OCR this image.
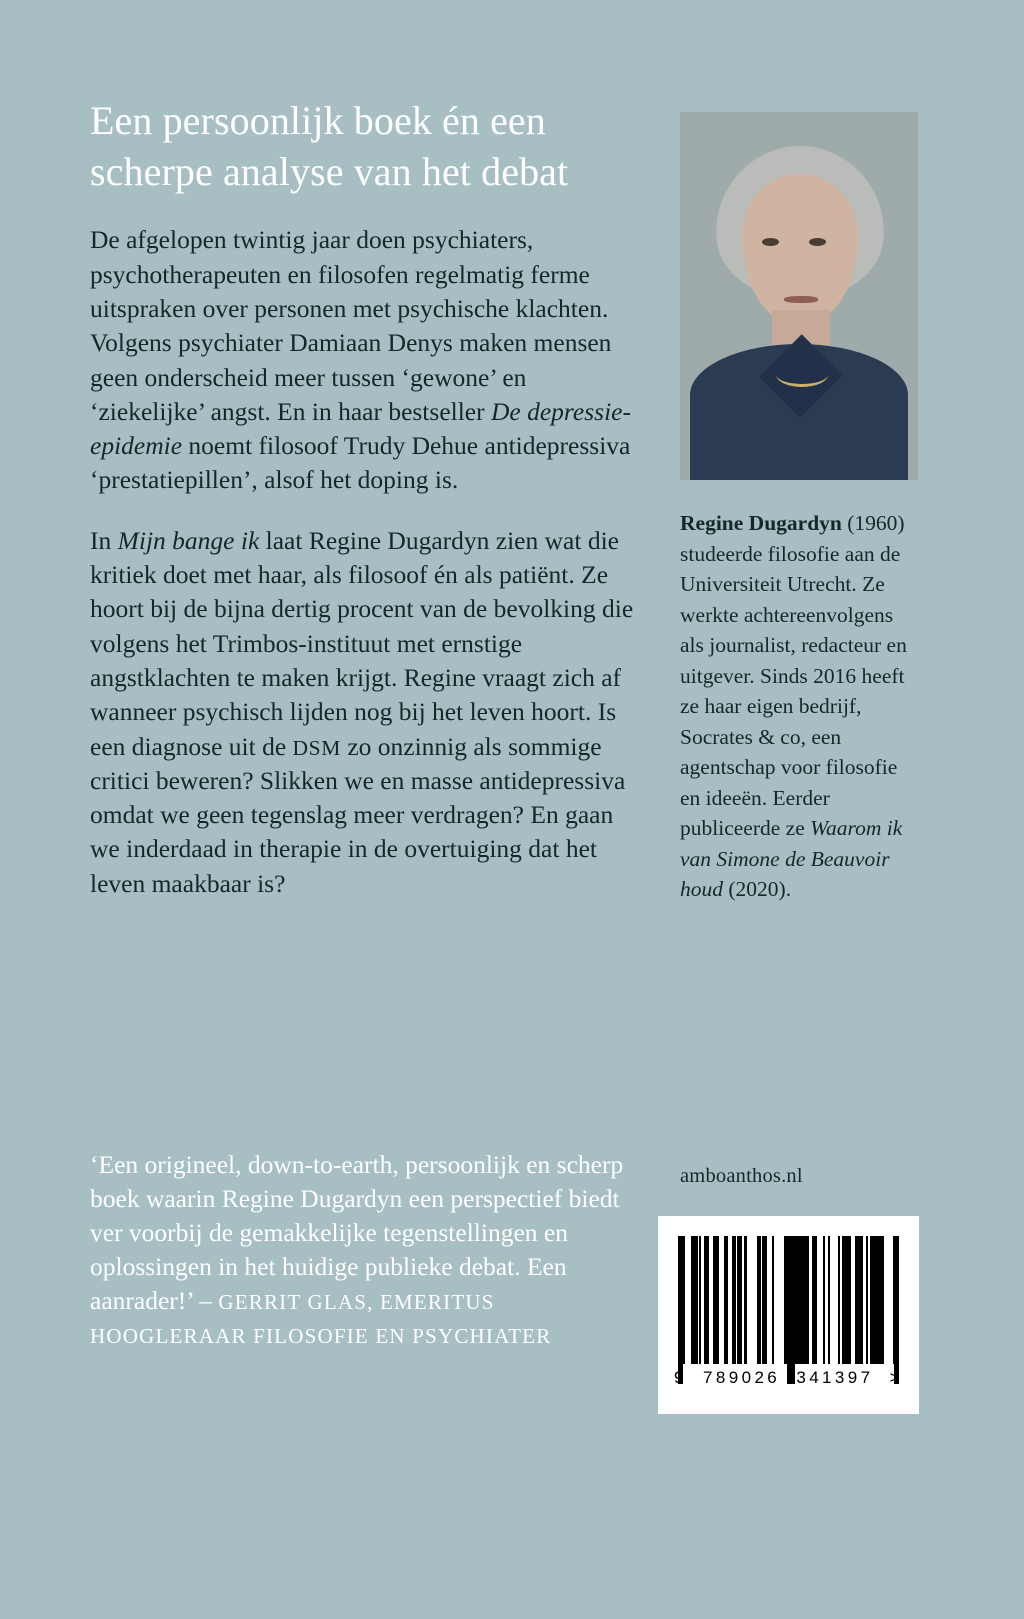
Een persoonlijk boek én een scherpe analyse van het debat

De afgelopen twintig jaar doen psychiaters, psychotherapeuten en filosofen regelmatig ferme uitspraken over personen met psychische klachten. Volgens psychiater Damiaan Denys maken mensen geen onderscheid meer tussen ‘gewone’ en ‘ziekelijke’ angst. En in haar bestseller De depressie-epidemie noemt filosoof Trudy Dehue antidepressiva ‘prestatiepillen’, alsof het doping is.

In Mijn bange ik laat Regine Dugardyn zien wat die kritiek doet met haar, als filosoof én als patiënt. Ze hoort bij de bijna dertig procent van de bevolking die volgens het Trimbos-instituut met ernstige angstklachten te maken krijgt. Regine vraagt zich af wanneer psychisch lijden nog bij het leven hoort. Is een diagnose uit de DSM zo onzinnig als sommige critici beweren? Slikken we en masse antidepressiva omdat we geen tegenslag meer verdragen? En gaan we inderdaad in therapie in de overtuiging dat het leven maakbaar is?

‘Een origineel, down-to-earth, persoonlijk en scherp boek waarin Regine Dugardyn een perspectief biedt ver voorbij de gemakkelijke tegenstellingen en oplossingen in het huidige publieke debat. Een aanrader!’ – GERRIT GLAS, EMERITUS HOOGLERAAR FILOSOFIE EN PSYCHIATER
Regine Dugardyn (1960) studeerde filosofie aan de Universiteit Utrecht. Ze werkte achtereenvolgens als journalist, redacteur en uitgever. Sinds 2016 heeft ze haar eigen bedrijf, Socrates & co, een agentschap voor filosofie en ideeën. Eerder publiceerde ze Waarom ik van Simone de Beauvoir houd (2020).
amboanthos.nl
9 789026 341397 >
